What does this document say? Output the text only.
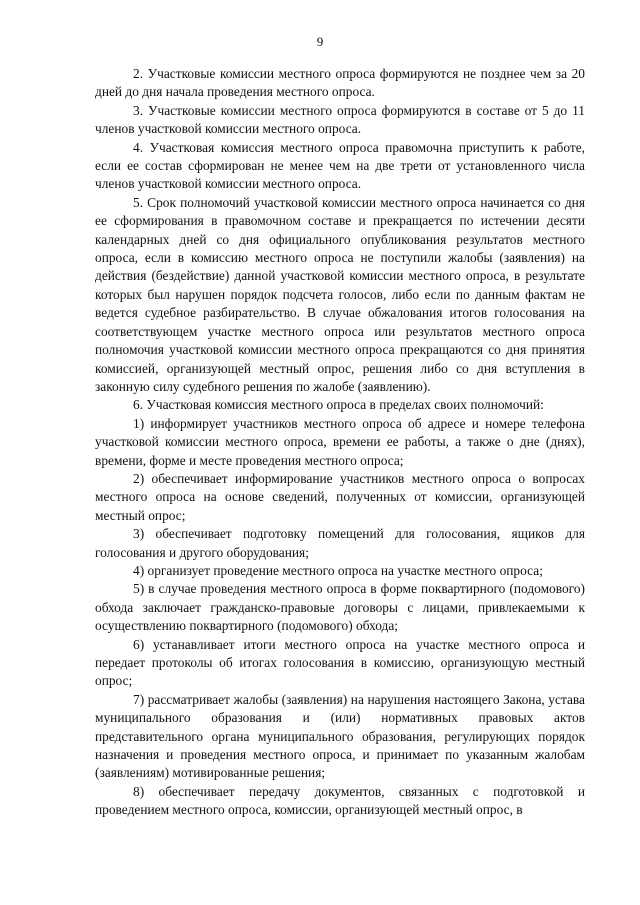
9

2. Участковые комиссии местного опроса формируются не позднее чем за 20 дней до дня начала проведения местного опроса.

3. Участковые комиссии местного опроса формируются в составе от 5 до 11 членов участковой комиссии местного опроса.

4. Участковая комиссия местного опроса правомочна приступить к работе, если ее состав сформирован не менее чем на две трети от установленного числа членов участковой комиссии местного опроса.

5. Срок полномочий участковой комиссии местного опроса начинается со дня ее сформирования в правомочном составе и прекращается по истечении десяти календарных дней со дня официального опубликования результатов местного опроса, если в комиссию местного опроса не поступили жалобы (заявления) на действия (бездействие) данной участковой комиссии местного опроса, в результате которых был нарушен порядок подсчета голосов, либо если по данным фактам не ведется судебное разбирательство. В случае обжалования итогов голосования на соответствующем участке местного опроса или результатов местного опроса полномочия участковой комиссии местного опроса прекращаются со дня принятия комиссией, организующей местный опрос, решения либо со дня вступления в законную силу судебного решения по жалобе (заявлению).

6. Участковая комиссия местного опроса в пределах своих полномочий:

1) информирует участников местного опроса об адресе и номере телефона участковой комиссии местного опроса, времени ее работы, а также о дне (днях), времени, форме и месте проведения местного опроса;

2) обеспечивает информирование участников местного опроса о вопросах местного опроса на основе сведений, полученных от комиссии, организующей местный опрос;

3) обеспечивает подготовку помещений для голосования, ящиков для голосования и другого оборудования;

4) организует проведение местного опроса на участке местного опроса;

5) в случае проведения местного опроса в форме поквартирного (подомового) обхода заключает гражданско-правовые договоры с лицами, привлекаемыми к осуществлению поквартирного (подомового) обхода;

6) устанавливает итоги местного опроса на участке местного опроса и передает протоколы об итогах голосования в комиссию, организующую местный опрос;

7) рассматривает жалобы (заявления) на нарушения настоящего Закона, устава муниципального образования и (или) нормативных правовых актов представительного органа муниципального образования, регулирующих порядок назначения и проведения местного опроса, и принимает по указанным жалобам (заявлениям) мотивированные решения;

8) обеспечивает передачу документов, связанных с подготовкой и проведением местного опроса, комиссии, организующей местный опрос, в
